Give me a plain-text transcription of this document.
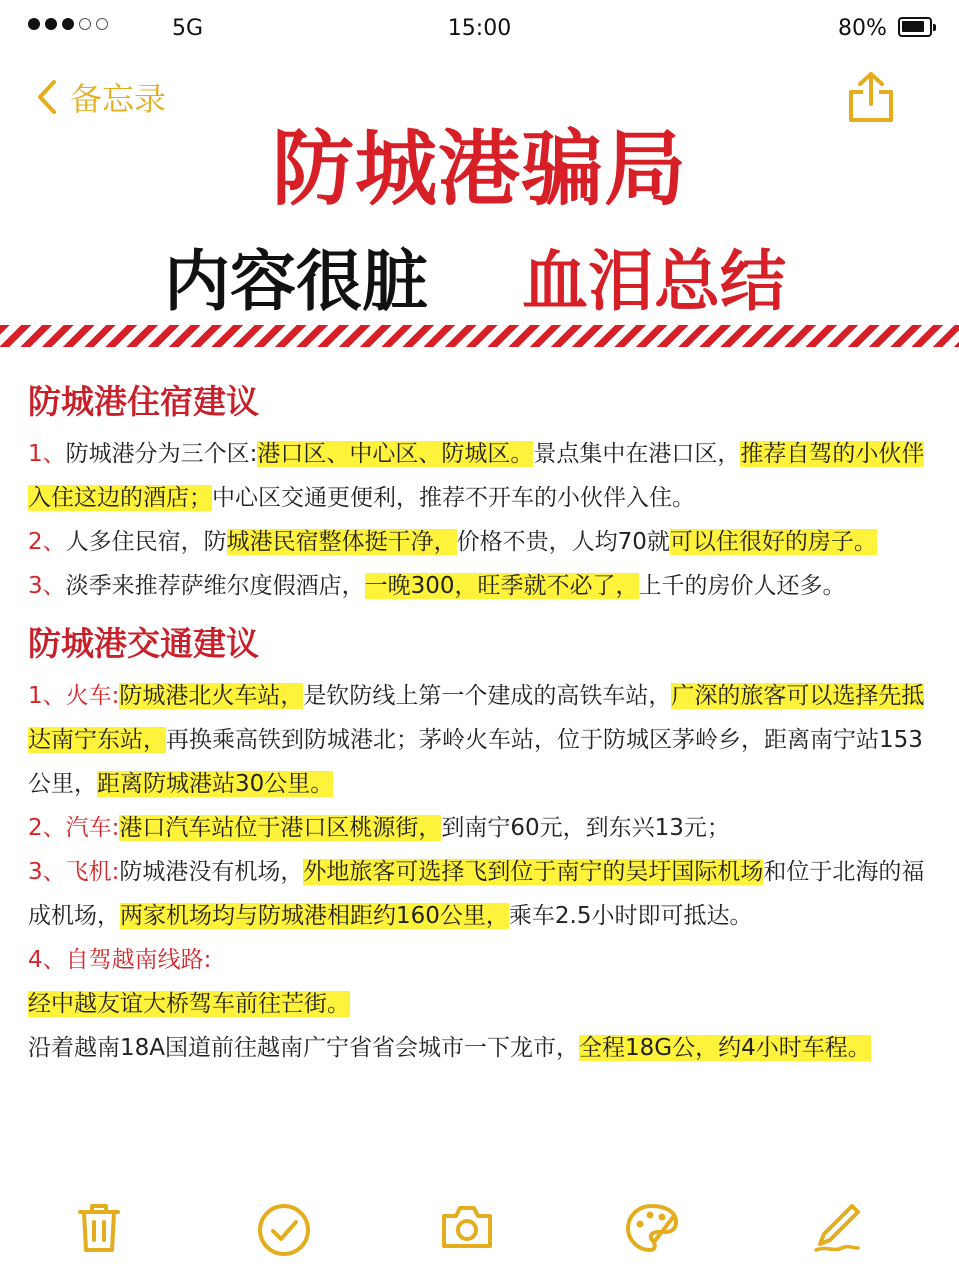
5G	15:00	80%
备忘录
防城港骗局
内容很脏 血泪总结
防城港住宿建议
1、防城港分为三个区:港口区、中心区、防城区。景点集中在港口区，推荐自驾的小伙伴入住这边的酒店；中心区交通更便利，推荐不开车的小伙伴入住。
2、人多住民宿，防城港民宿整体挺干净，价格不贵，人均70就可以住很好的房子。
3、淡季来推荐萨维尔度假酒店，一晚300，旺季就不必了，上千的房价人还多。
防城港交通建议
1、火车:防城港北火车站，是钦防线上第一个建成的高铁车站，广深的旅客可以选择先抵达南宁东站，再换乘高铁到防城港北；茅岭火车站，位于防城区茅岭乡，距离南宁站153公里，距离防城港站30公里。
2、汽车:港口汽车站位于港口区桃源街，到南宁60元，到东兴13元；
3、飞机:防城港没有机场，外地旅客可选择飞到位于南宁的吴圩国际机场和位于北海的福成机场，两家机场均与防城港相距约160公里，乘车2.5小时即可抵达。
4、自驾越南线路:
经中越友谊大桥驾车前往芒街。
沿着越南18A国道前往越南广宁省省会城市一下龙市，全程18G公，约4小时车程。
